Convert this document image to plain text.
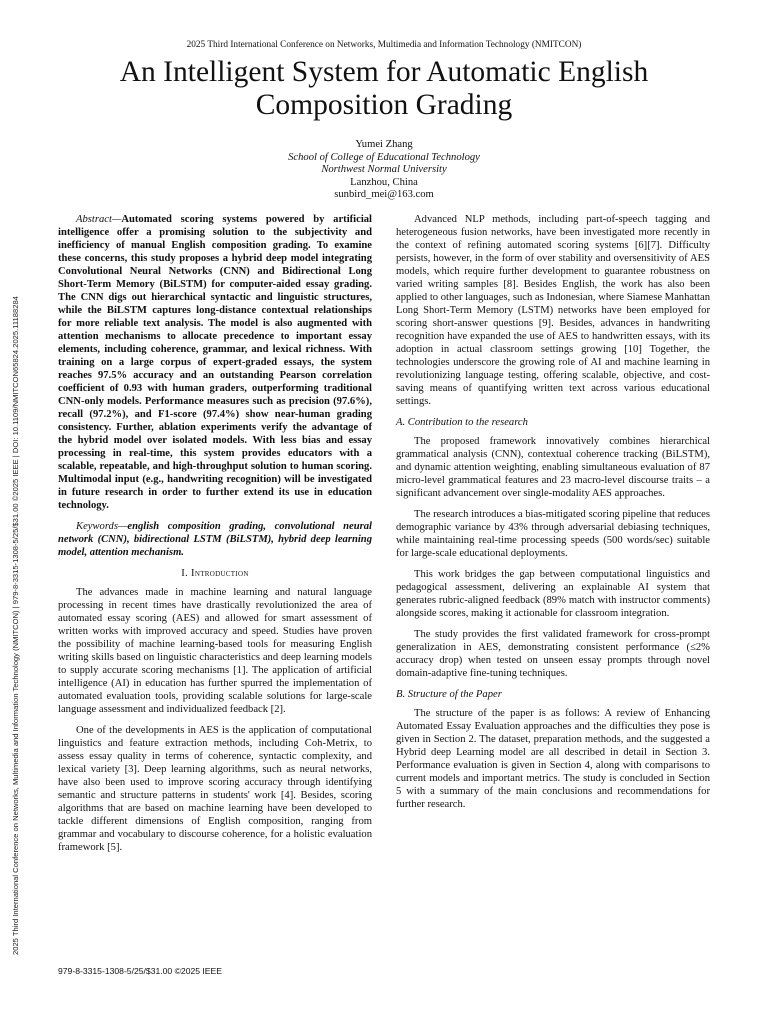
2025 Third International Conference on Networks, Multimedia and Information Technology (NMITCON)
An Intelligent System for Automatic English Composition Grading
Yumei Zhang
School of College of Educational Technology
Northwest Normal University
Lanzhou, China
sunbird_mei@163.com
2025 Third International Conference on Networks, Multimedia and Information Technology (NMITCON) | 979-8-3315-1308-5/25/$31.00 ©2025 IEEE | DOI: 10.1109/NMITCON65824.2025.11188284

Abstract—Automated scoring systems powered by artificial intelligence offer a promising solution to the subjectivity and inefficiency of manual English composition grading. To examine these concerns, this study proposes a hybrid deep model integrating Convolutional Neural Networks (CNN) and Bidirectional Long Short-Term Memory (BiLSTM) for computer-aided essay grading. The CNN digs out hierarchical syntactic and linguistic structures, while the BiLSTM captures long-distance contextual relationships for more reliable text analysis. The model is also augmented with attention mechanisms to allocate precedence to important essay elements, including coherence, grammar, and lexical richness. With training on a large corpus of expert-graded essays, the system reaches 97.5% accuracy and an outstanding Pearson correlation coefficient of 0.93 with human graders, outperforming traditional CNN-only models. Performance measures such as precision (97.6%), recall (97.2%), and F1-score (97.4%) show near-human grading consistency. Further, ablation experiments verify the advantage of the hybrid model over isolated models. With less bias and essay processing in real-time, this system provides educators with a scalable, repeatable, and high-throughput solution to human scoring. Multimodal input (e.g., handwriting recognition) will be investigated in future research in order to further extend its use in education technology.

Keywords—english composition grading, convolutional neural network (CNN), bidirectional LSTM (BiLSTM), hybrid deep learning model, attention mechanism.

I. Introduction

The advances made in machine learning and natural language processing in recent times have drastically revolutionized the area of automated essay scoring (AES) and allowed for smart assessment of written works with improved accuracy and speed. Studies have proven the possibility of machine learning-based tools for measuring English writing skills based on linguistic characteristics and deep learning models to supply accurate scoring mechanisms [1]. The application of artificial intelligence (AI) in education has further spurred the implementation of automated evaluation tools, providing scalable solutions for large-scale language assessment and individualized feedback [2].

One of the developments in AES is the application of computational linguistics and feature extraction methods, including Coh-Metrix, to assess essay quality in terms of coherence, syntactic complexity, and lexical variety [3]. Deep learning algorithms, such as neural networks, have also been used to improve scoring accuracy through identifying semantic and structure patterns in students' work [4]. Besides, scoring algorithms that are based on machine learning have been developed to tackle different dimensions of English composition, ranging from grammar and vocabulary to discourse coherence, for a holistic evaluation framework [5].

Advanced NLP methods, including part-of-speech tagging and heterogeneous fusion networks, have been investigated more recently in the context of refining automated scoring systems [6][7]. Difficulty persists, however, in the form of over stability and oversensitivity of AES models, which require further development to guarantee robustness on varied writing samples [8]. Besides English, the work has also been applied to other languages, such as Indonesian, where Siamese Manhattan Long Short-Term Memory (LSTM) networks have been employed for scoring short-answer questions [9]. Besides, advances in handwriting recognition have expanded the use of AES to handwritten essays, with its adoption in actual classroom settings growing [10] Together, the technologies underscore the growing role of AI and machine learning in revolutionizing language testing, offering scalable, objective, and cost-saving means of quantifying written text across various educational settings.

A. Contribution to the research

The proposed framework innovatively combines hierarchical grammatical analysis (CNN), contextual coherence tracking (BiLSTM), and dynamic attention weighting, enabling simultaneous evaluation of 87 micro-level grammatical features and 23 macro-level discourse traits – a significant advancement over single-modality AES approaches.

The research introduces a bias-mitigated scoring pipeline that reduces demographic variance by 43% through adversarial debiasing techniques, while maintaining real-time processing speeds (500 words/sec) suitable for large-scale educational deployments.

This work bridges the gap between computational linguistics and pedagogical assessment, delivering an explainable AI system that generates rubric-aligned feedback (89% match with instructor comments) alongside scores, making it actionable for classroom integration.

The study provides the first validated framework for cross-prompt generalization in AES, demonstrating consistent performance (≤2% accuracy drop) when tested on unseen essay prompts through novel domain-adaptive fine-tuning techniques.

B. Structure of the Paper

The structure of the paper is as follows: A review of Enhancing Automated Essay Evaluation approaches and the difficulties they pose is given in Section 2. The dataset, preparation methods, and the suggested a Hybrid deep Learning model are all described in detail in Section 3. Performance evaluation is given in Section 4, along with comparisons to current models and important metrics. The study is concluded in Section 5 with a summary of the main conclusions and recommendations for further research.

979-8-3315-1308-5/25/$31.00 ©2025 IEEE
